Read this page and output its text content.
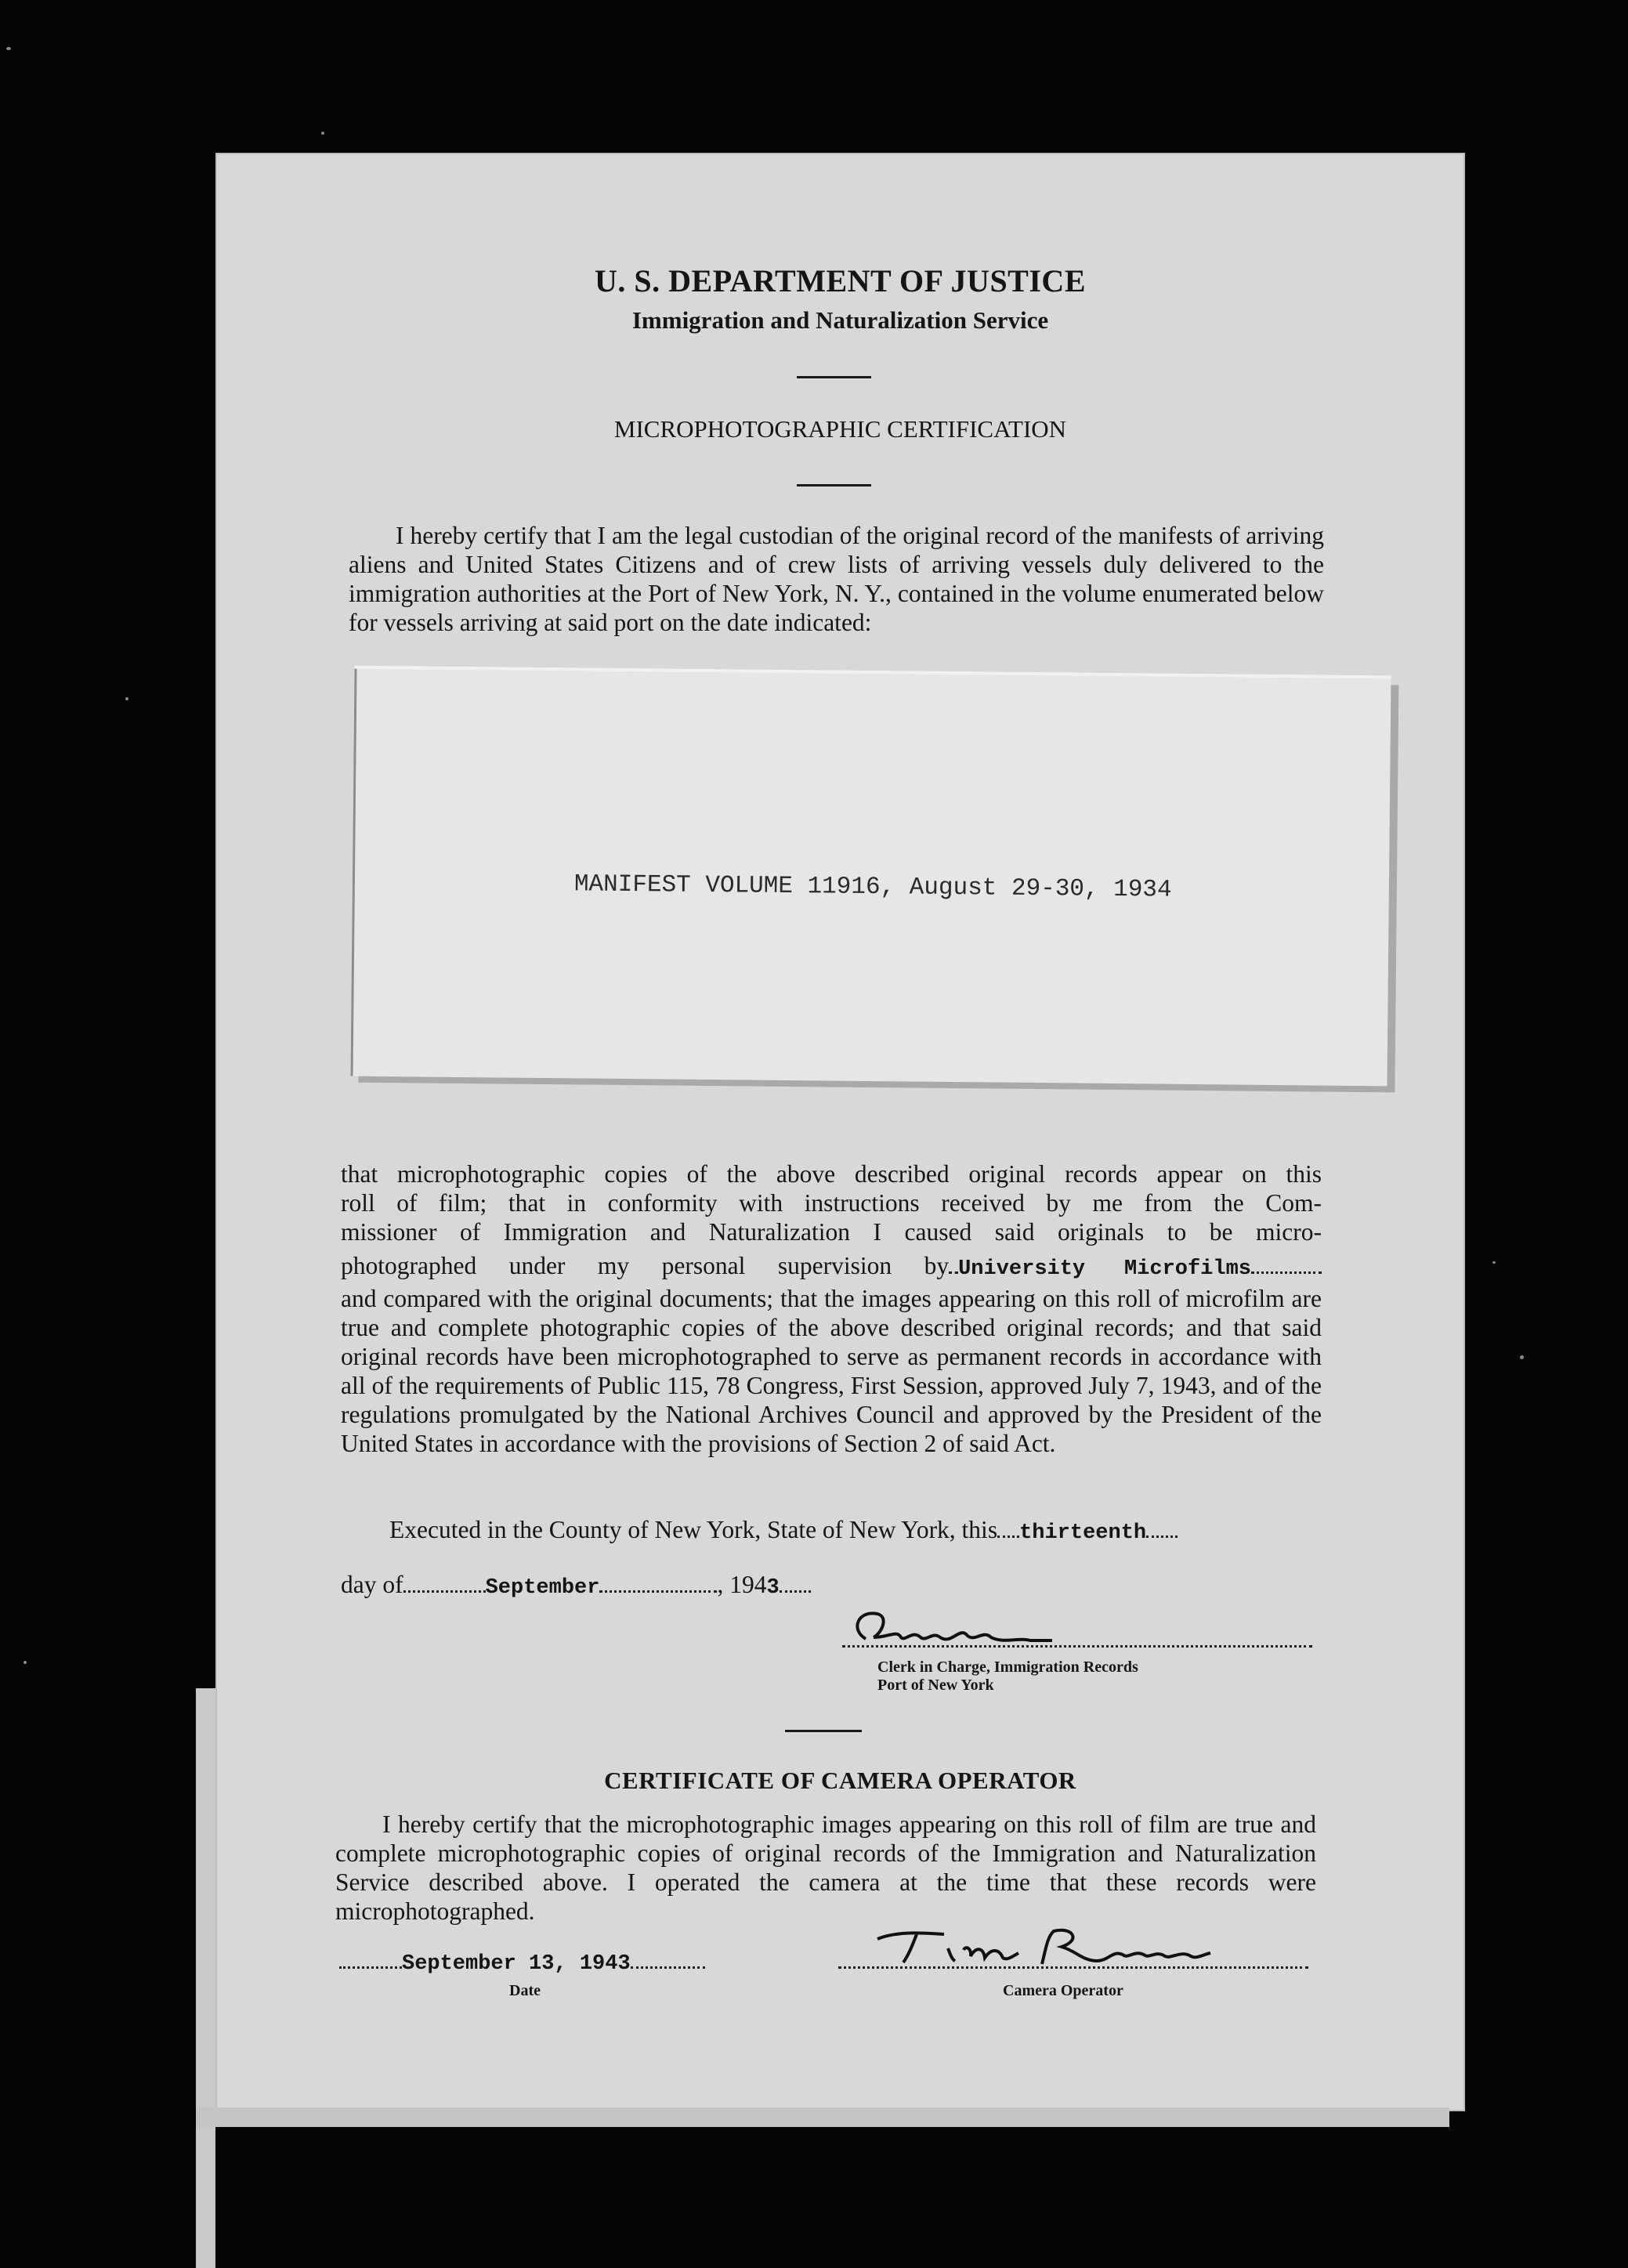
U. S. DEPARTMENT OF JUSTICE
Immigration and Naturalization Service
MICROPHOTOGRAPHIC CERTIFICATION

I hereby certify that I am the legal custodian of the original record of the manifests of arriving aliens and United States Citizens and of crew lists of arriving vessels duly delivered to the immigration authorities at the Port of New York, N. Y., contained in the volume enumerated below for vessels arriving at said port on the date indicated:

MANIFEST VOLUME 11916, August 29-30, 1934

that microphotographic copies of the above described original records appear on this

roll of film; that in conformity with instructions received by me from the Com-

missioner of Immigration and Naturalization I caused said originals to be micro-

photographed under my personal supervision by University Microfilms

and compared with the original documents; that the images appearing on this roll of microfilm are true and complete photographic copies of the above described original records; and that said original records have been microphotographed to serve as permanent records in accordance with all of the requirements of Public 115, 78 Congress, First Session, approved July 7, 1943, and of the regulations promulgated by the National Archives Council and approved by the President of the United States in accordance with the provisions of Section 2 of said Act.

Executed in the County of New York, State of New York, this thirteenth
day of	September	, 1943
Clerk in Charge, Immigration Records
Port of New York
CERTIFICATE OF CAMERA OPERATOR

I hereby certify that the microphotographic images appearing on this roll of film are true and complete microphotographic copies of original records of the Immigration and Naturalization Service described above. I operated the camera at the time that these records were microphotographed.

September 13, 1943
Date	Camera Operator
